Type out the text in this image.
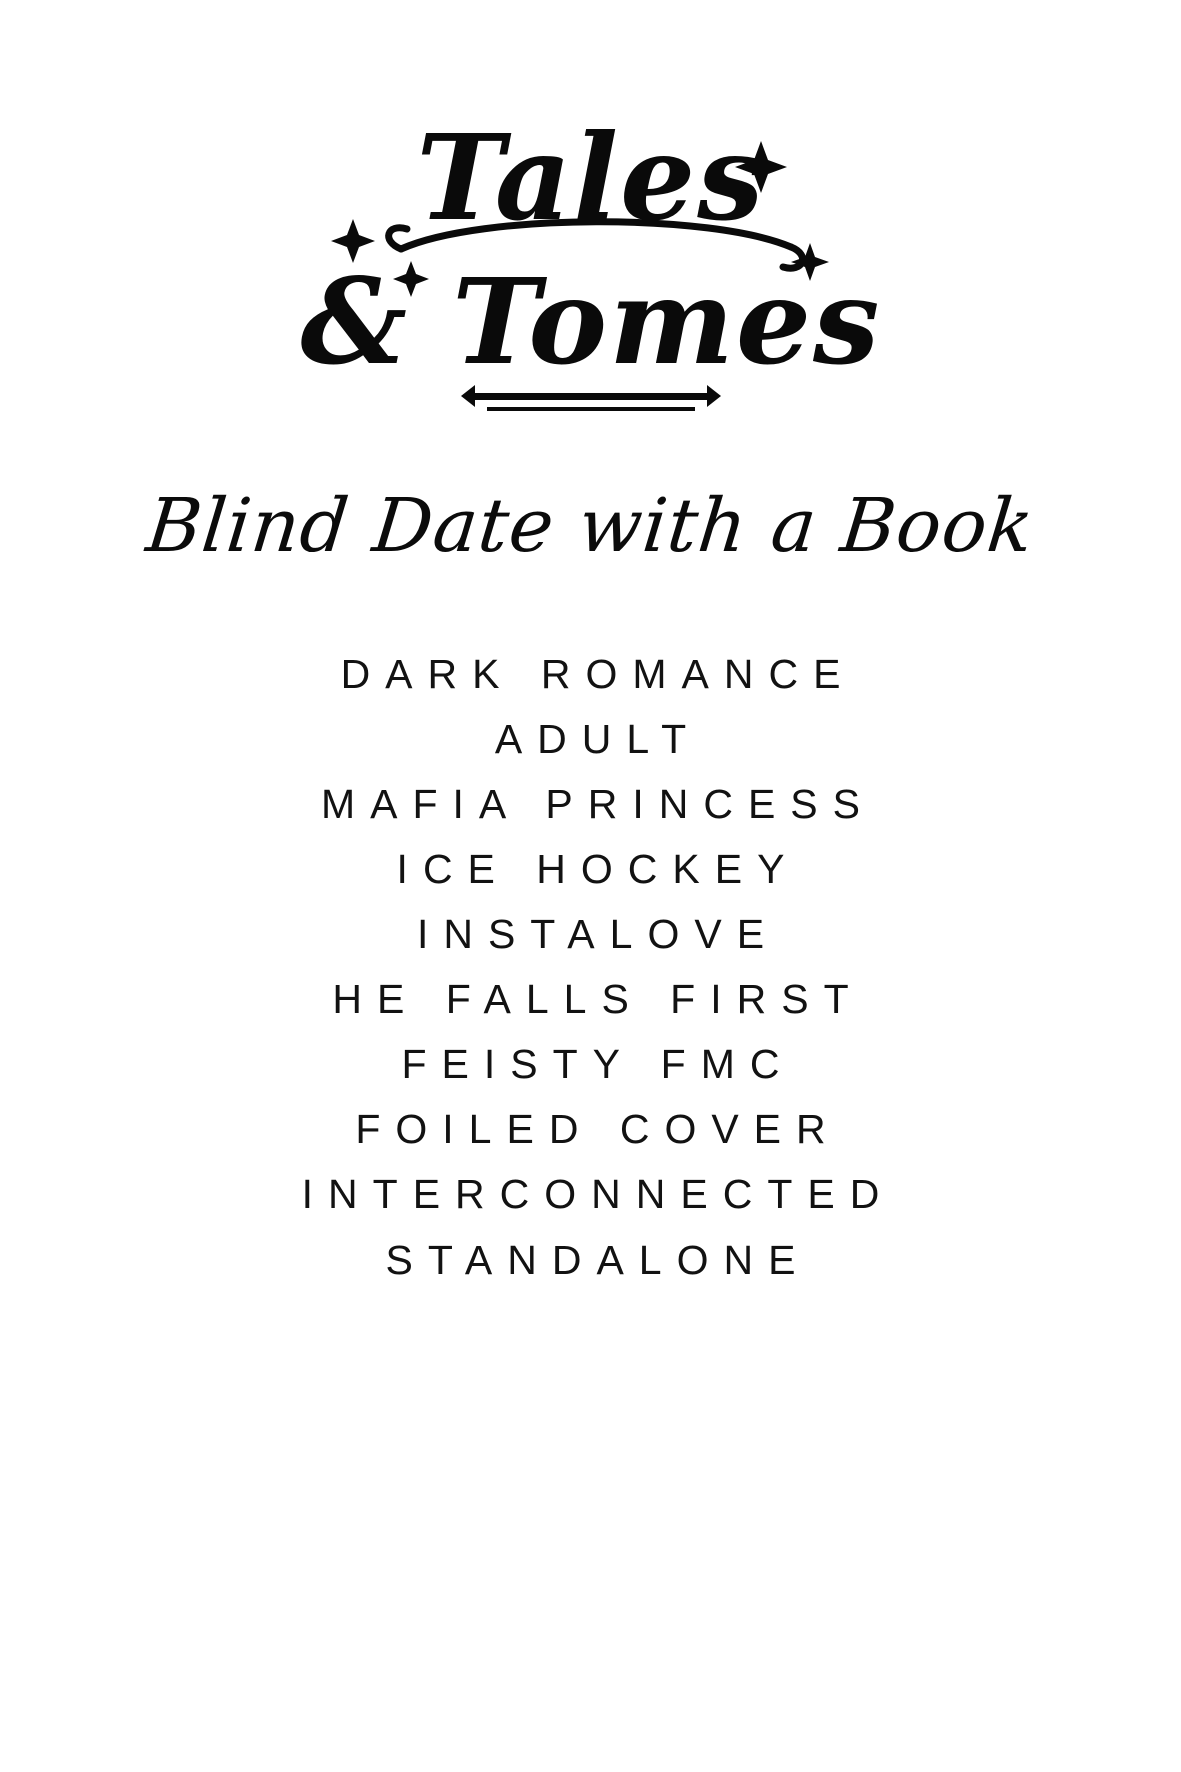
Tales
& Tomes
Blind Date with a Book
DARK ROMANCE
ADULT
MAFIA PRINCESS
ICE HOCKEY
INSTALOVE
HE FALLS FIRST
FEISTY FMC
FOILED COVER
INTERCONNECTED
STANDALONE
